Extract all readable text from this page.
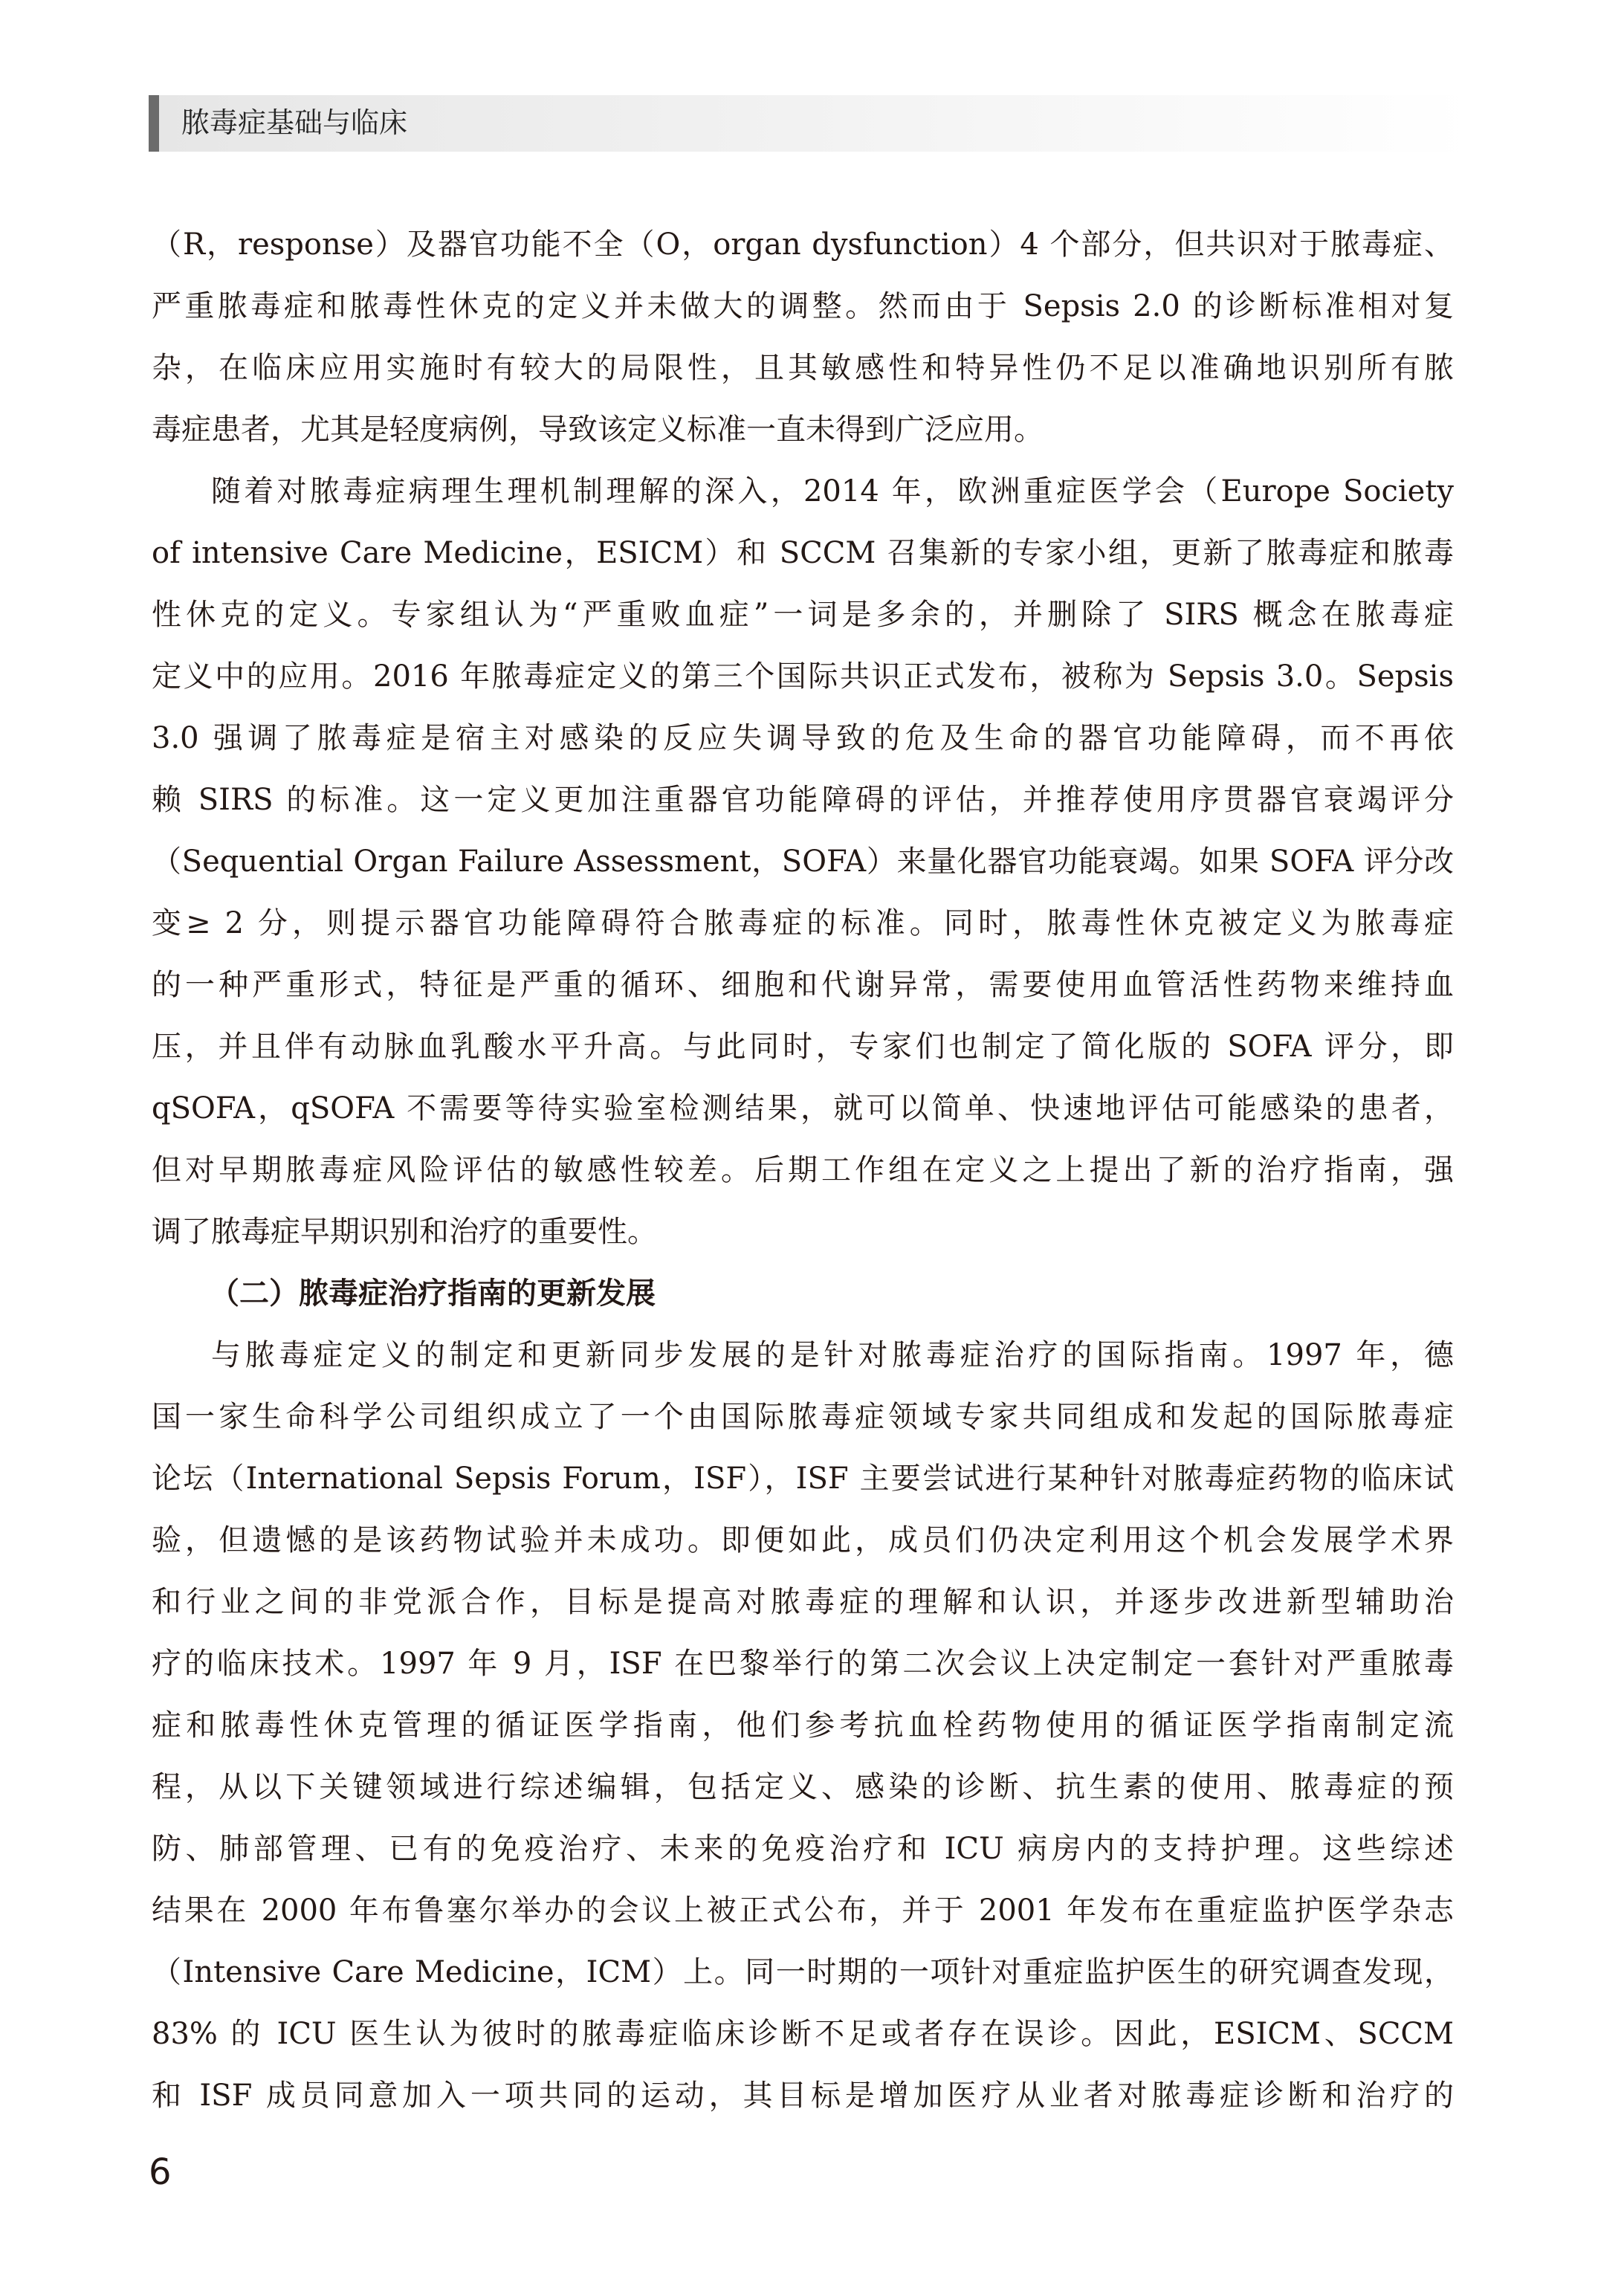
脓毒症基础与临床
（R，response）及器官功能不全（O，organ dysfunction）4 个部分，但共识对于脓毒症、
严重脓毒症和脓毒性休克的定义并未做大的调整。然而由于 Sepsis 2.0 的诊断标准相对复
杂，在临床应用实施时有较大的局限性，且其敏感性和特异性仍不足以准确地识别所有脓
毒症患者，尤其是轻度病例，导致该定义标准一直未得到广泛应用。
随着对脓毒症病理生理机制理解的深入，2014 年，欧洲重症医学会（Europe Society
of intensive Care Medicine，ESICM）和 SCCM 召集新的专家小组，更新了脓毒症和脓毒
性休克的定义。专家组认为“严重败血症”一词是多余的，并删除了 SIRS 概念在脓毒症
定义中的应用。2016 年脓毒症定义的第三个国际共识正式发布，被称为 Sepsis 3.0。Sepsis
3.0 强调了脓毒症是宿主对感染的反应失调导致的危及生命的器官功能障碍，而不再依
赖 SIRS 的标准。这一定义更加注重器官功能障碍的评估，并推荐使用序贯器官衰竭评分
（Sequential Organ Failure Assessment，SOFA）来量化器官功能衰竭。如果 SOFA 评分改
变≥ 2 分，则提示器官功能障碍符合脓毒症的标准。同时，脓毒性休克被定义为脓毒症
的一种严重形式，特征是严重的循环、细胞和代谢异常，需要使用血管活性药物来维持血
压，并且伴有动脉血乳酸水平升高。与此同时，专家们也制定了简化版的 SOFA 评分，即
qSOFA，qSOFA 不需要等待实验室检测结果，就可以简单、快速地评估可能感染的患者，
但对早期脓毒症风险评估的敏感性较差。后期工作组在定义之上提出了新的治疗指南，强
调了脓毒症早期识别和治疗的重要性。
（二）脓毒症治疗指南的更新发展
与脓毒症定义的制定和更新同步发展的是针对脓毒症治疗的国际指南。1997 年，德
国一家生命科学公司组织成立了一个由国际脓毒症领域专家共同组成和发起的国际脓毒症
论坛（International Sepsis Forum，ISF），ISF 主要尝试进行某种针对脓毒症药物的临床试
验，但遗憾的是该药物试验并未成功。即便如此，成员们仍决定利用这个机会发展学术界
和行业之间的非党派合作，目标是提高对脓毒症的理解和认识，并逐步改进新型辅助治
疗的临床技术。1997 年 9 月，ISF 在巴黎举行的第二次会议上决定制定一套针对严重脓毒
症和脓毒性休克管理的循证医学指南，他们参考抗血栓药物使用的循证医学指南制定流
程，从以下关键领域进行综述编辑，包括定义、感染的诊断、抗生素的使用、脓毒症的预
防、肺部管理、已有的免疫治疗、未来的免疫治疗和 ICU 病房内的支持护理。这些综述
结果在 2000 年布鲁塞尔举办的会议上被正式公布，并于 2001 年发布在重症监护医学杂志
（Intensive Care Medicine，ICM）上。同一时期的一项针对重症监护医生的研究调查发现，
83% 的 ICU 医生认为彼时的脓毒症临床诊断不足或者存在误诊。因此，ESICM、SCCM
和 ISF 成员同意加入一项共同的运动，其目标是增加医疗从业者对脓毒症诊断和治疗的
6
